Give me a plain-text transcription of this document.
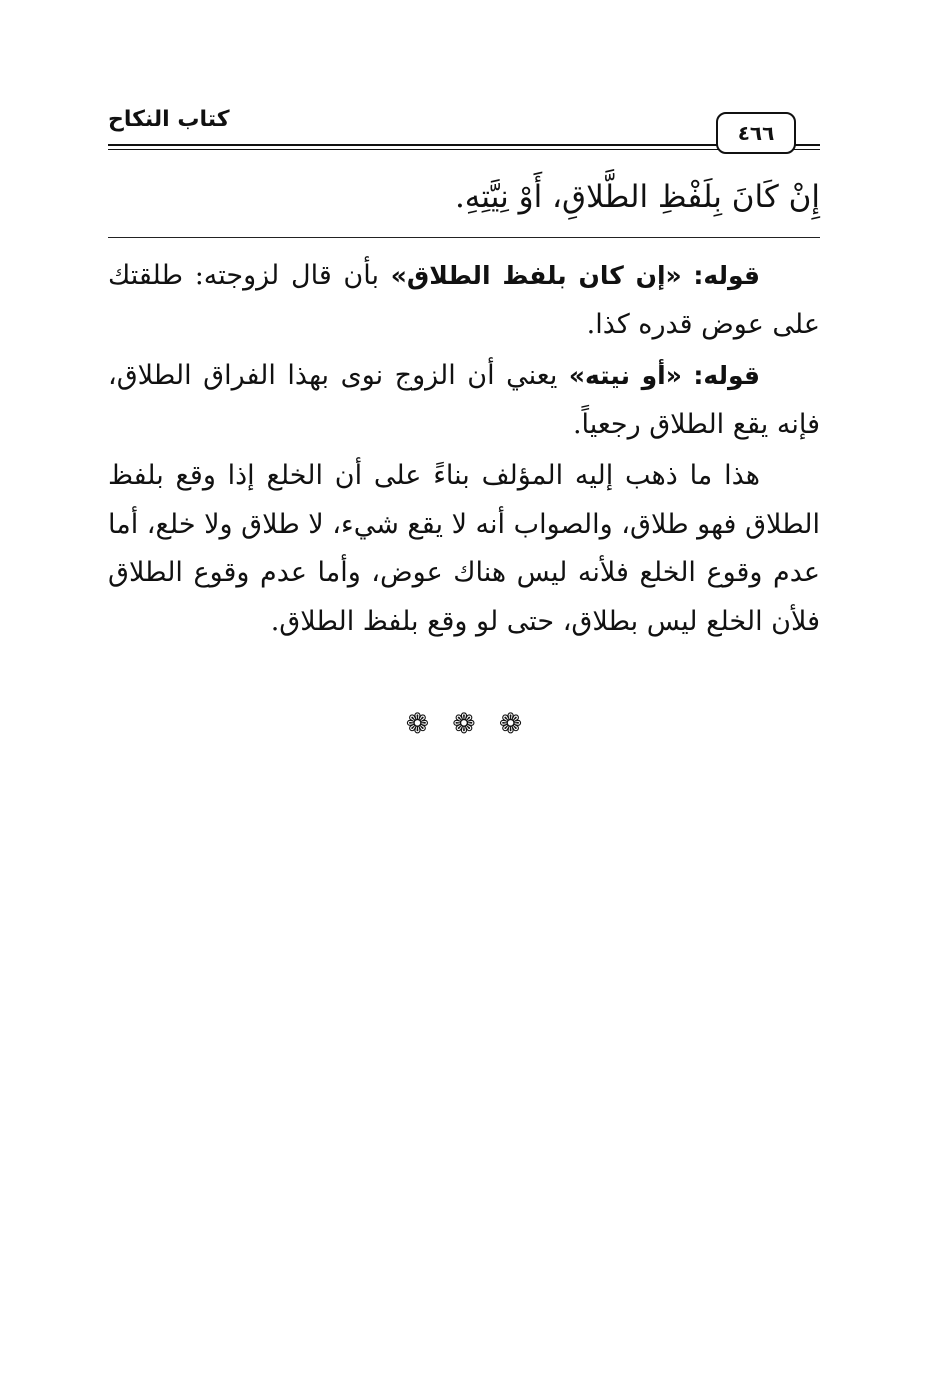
كتاب النكاح
٤٦٦
إِنْ كَانَ بِلَفْظِ الطَّلاقِ، أَوْ نِيَّتِهِ.

قوله: «إن كان بلفظ الطلاق» بأن قال لزوجته: طلقتك على عوض قدره كذا.

قوله: «أو نيته» يعني أن الزوج نوى بهذا الفراق الطلاق، فإنه يقع الطلاق رجعياً.

هذا ما ذهب إليه المؤلف بناءً على أن الخلع إذا وقع بلفظ الطلاق فهو طلاق، والصواب أنه لا يقع شيء، لا طلاق ولا خلع، أما عدم وقوع الخلع فلأنه ليس هناك عوض، وأما عدم وقوع الطلاق فلأن الخلع ليس بطلاق، حتى لو وقع بلفظ الطلاق.

❁ ❁ ❁
